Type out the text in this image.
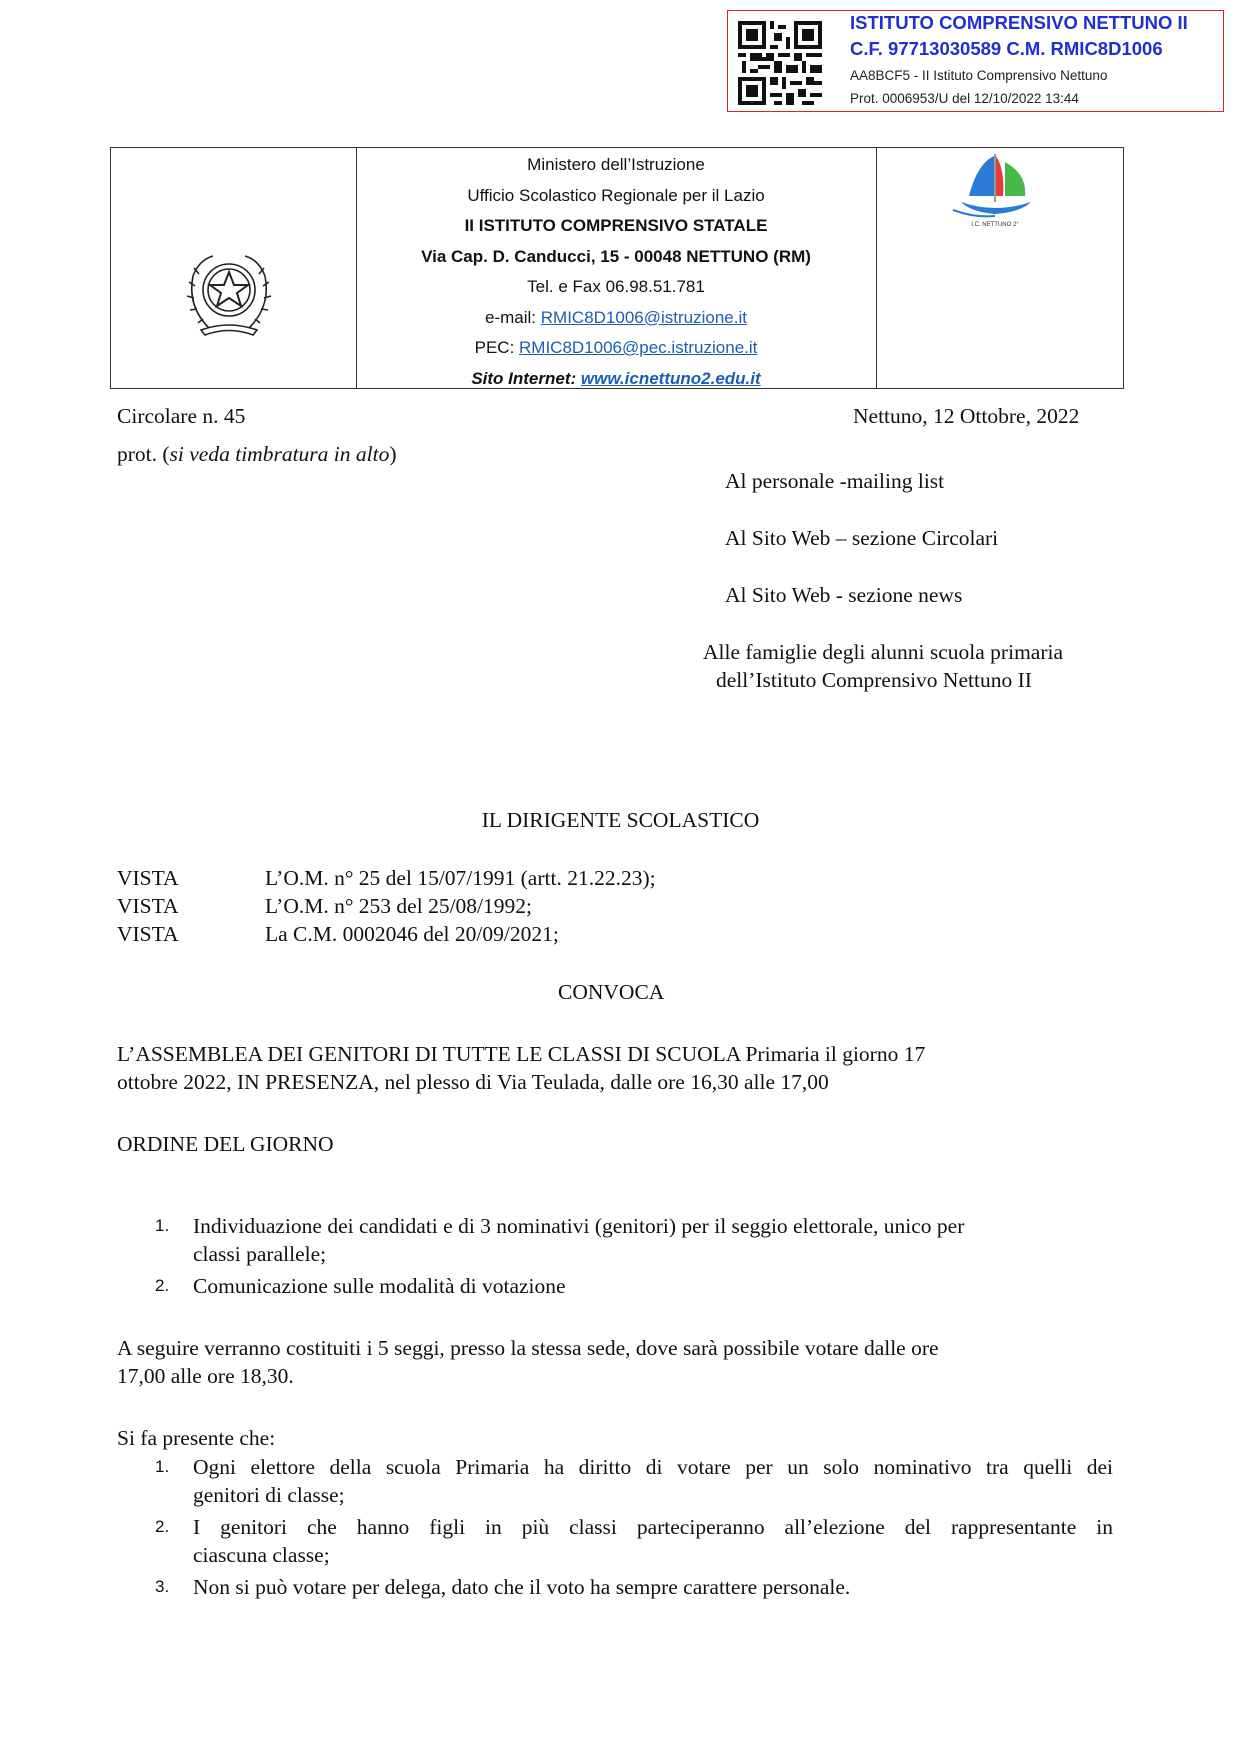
ISTITUTO COMPRENSIVO NETTUNO II
C.F. 97713030589 C.M. RMIC8D1006
AA8BCF5 - II Istituto Comprensivo Nettuno
Prot. 0006953/U del 12/10/2022 13:44
Ministero dell’Istruzione
Ufficio Scolastico Regionale per il Lazio
II ISTITUTO COMPRENSIVO STATALE
Via Cap. D. Canducci, 15 - 00048 NETTUNO (RM)
Tel. e Fax 06.98.51.781
e-mail: RMIC8D1006@istruzione.it
PEC: RMIC8D1006@pec.istruzione.it
Sito Internet: www.icnettuno2.edu.it
I.C. NETTUNO 2°
Circolare n. 45	Nettuno, 12 Ottobre, 2022
prot. (si veda timbratura in alto)
Al personale -mailing list
Al Sito Web – sezione Circolari
Al Sito Web - sezione news
Alle famiglie degli alunni scuola primaria
dell’Istituto Comprensivo Nettuno II
IL DIRIGENTE SCOLASTICO
VISTA	L’O.M. n° 25 del 15/07/1991 (artt. 21.22.23);
VISTA	L’O.M. n° 253 del 25/08/1992;
VISTA	La C.M. 0002046 del 20/09/2021;
CONVOCA
L’ASSEMBLEA DEI GENITORI DI TUTTE LE CLASSI DI SCUOLA Primaria il giorno 17
ottobre 2022, IN PRESENZA, nel plesso di Via Teulada, dalle ore 16,30 alle 17,00
ORDINE DEL GIORNO
1. Individuazione dei candidati e di 3 nominativi (genitori) per il seggio elettorale, unico per
classi parallele;
2. Comunicazione sulle modalità di votazione
A seguire verranno costituiti i 5 seggi, presso la stessa sede, dove sarà possibile votare dalle ore
17,00 alle ore 18,30.
Si fa presente che:
1. Ogni elettore della scuola Primaria ha diritto di votare per un solo nominativo tra quelli dei
genitori di classe;
2. I genitori che hanno figli in più classi parteciperanno all’elezione del rappresentante in
ciascuna classe;
3. Non si può votare per delega, dato che il voto ha sempre carattere personale.
